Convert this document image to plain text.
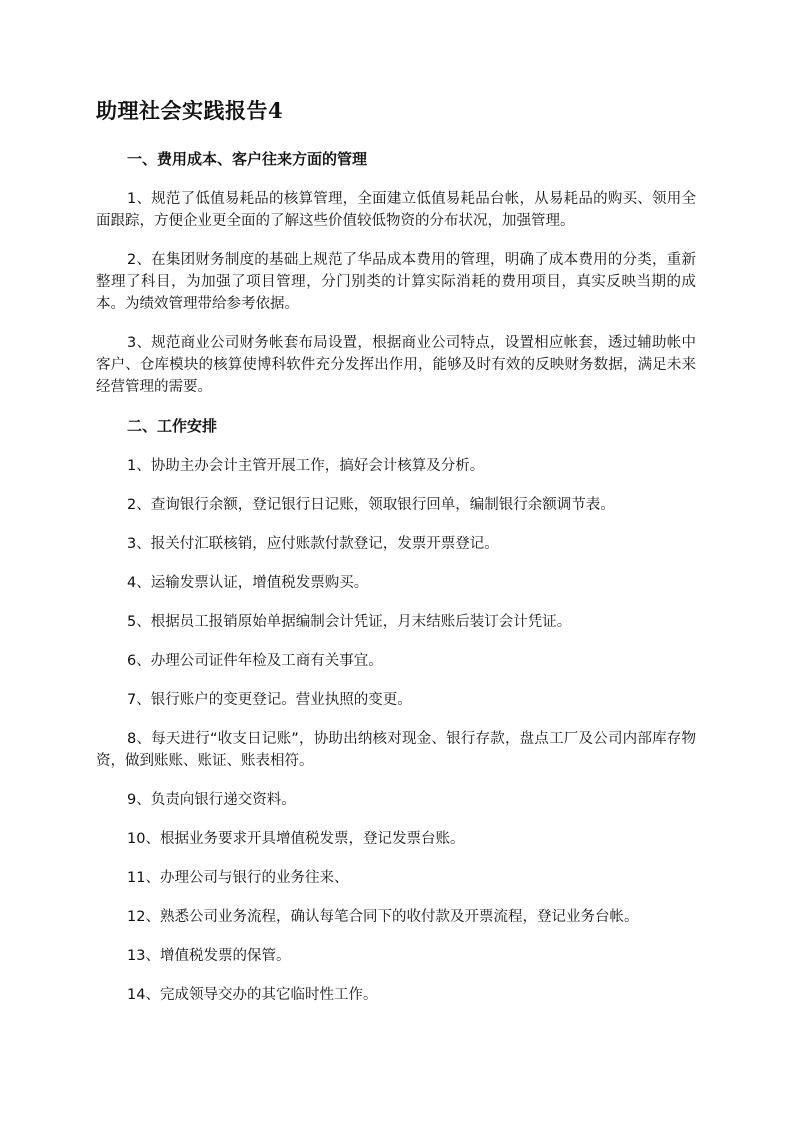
助理社会实践报告4
一、费用成本、客户往来方面的管理

1、规范了低值易耗品的核算管理，全面建立低值易耗品台帐，从易耗品的购买、领用全面跟踪，方便企业更全面的了解这些价值较低物资的分布状况，加强管理。

2、在集团财务制度的基础上规范了华品成本费用的管理，明确了成本费用的分类，重新整理了科目，为加强了项目管理，分门别类的计算实际消耗的费用项目，真实反映当期的成本。为绩效管理带给参考依据。

3、规范商业公司财务帐套布局设置，根据商业公司特点，设置相应帐套，透过辅助帐中客户、仓库模块的核算使博科软件充分发挥出作用，能够及时有效的反映财务数据，满足未来经营管理的需要。

二、工作安排

1、协助主办会计主管开展工作，搞好会计核算及分析。

2、查询银行余额，登记银行日记账，领取银行回单，编制银行余额调节表。

3、报关付汇联核销，应付账款付款登记，发票开票登记。

4、运输发票认证，增值税发票购买。

5、根据员工报销原始单据编制会计凭证，月末结账后装订会计凭证。

6、办理公司证件年检及工商有关事宜。

7、银行账户的变更登记。营业执照的变更。

8、每天进行“收支日记账”，协助出纳核对现金、银行存款，盘点工厂及公司内部库存物资，做到账账、账证、账表相符。

9、负责向银行递交资料。

10、根据业务要求开具增值税发票，登记发票台账。

11、办理公司与银行的业务往来、

12、熟悉公司业务流程，确认每笔合同下的收付款及开票流程，登记业务台帐。

13、增值税发票的保管。

14、完成领导交办的其它临时性工作。
